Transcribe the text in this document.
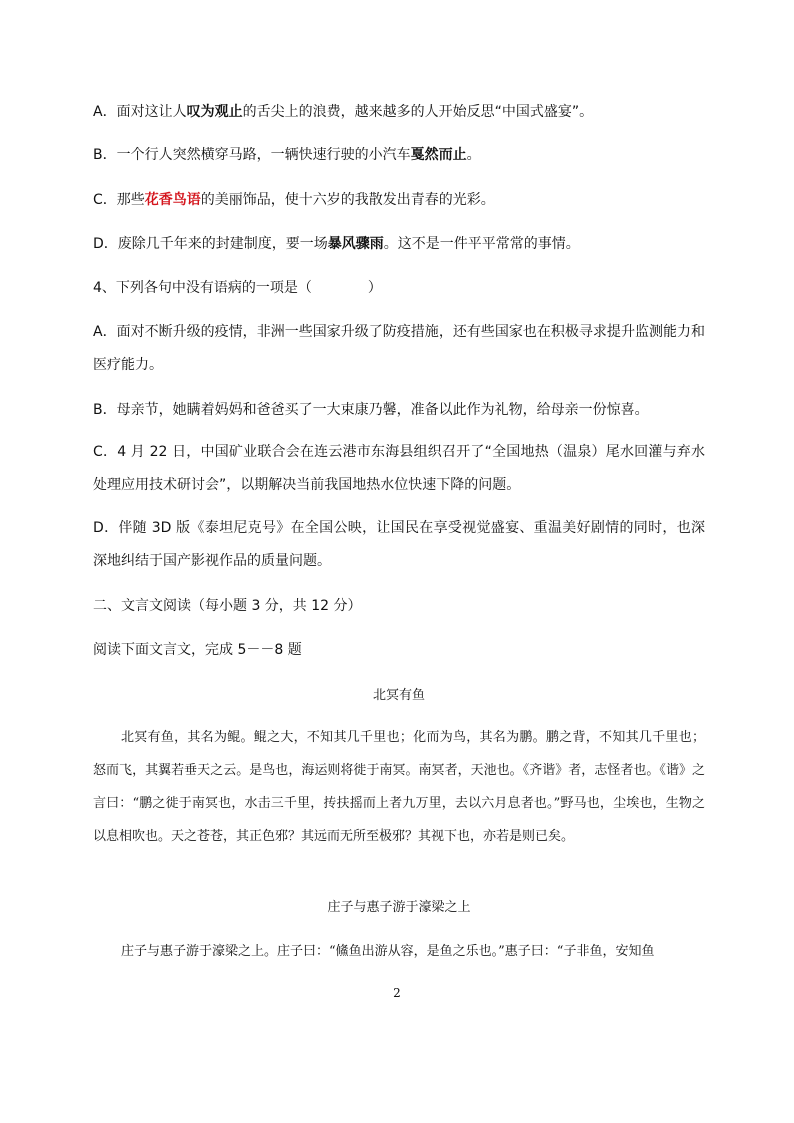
A．面对这让人叹为观止的舌尖上的浪费，越来越多的人开始反思“中国式盛宴”。
B．一个行人突然横穿马路，一辆快速行驶的小汽车戛然而止。
C．那些花香鸟语的美丽饰品，使十六岁的我散发出青春的光彩。
D．废除几千年来的封建制度，要一场暴风骤雨。这不是一件平平常常的事情。
4、下列各句中没有语病的一项是（　　　　）
A．面对不断升级的疫情，非洲一些国家升级了防疫措施，还有些国家也在积极寻求提升监测能力和医疗能力。
B．母亲节，她瞒着妈妈和爸爸买了一大束康乃馨，准备以此作为礼物，给母亲一份惊喜。
C．4 月 22 日，中国矿业联合会在连云港市东海县组织召开了“全国地热（温泉）尾水回灌与弃水处理应用技术研讨会”，以期解决当前我国地热水位快速下降的问题。
D．伴随 3D 版《泰坦尼克号》在全国公映，让国民在享受视觉盛宴、重温美好剧情的同时，也深深地纠结于国产影视作品的质量问题。
二、文言文阅读（每小题 3 分，共 12 分）
阅读下面文言文，完成 5－－8 题
北冥有鱼
北冥有鱼，其名为鲲。鲲之大，不知其几千里也；化而为鸟，其名为鹏。鹏之背，不知其几千里也；怒而飞，其翼若垂天之云。是鸟也，海运则将徙于南冥。南冥者，天池也。《齐谐》者，志怪者也。《谐》之言曰：“鹏之徙于南冥也，水击三千里，抟扶摇而上者九万里，去以六月息者也。”野马也，尘埃也，生物之以息相吹也。天之苍苍，其正色邪？其远而无所至极邪？其视下也，亦若是则已矣。
庄子与惠子游于濠梁之上
庄子与惠子游于濠梁之上。庄子曰：“鯈鱼出游从容，是鱼之乐也。”惠子曰：“子非鱼，安知鱼
2
